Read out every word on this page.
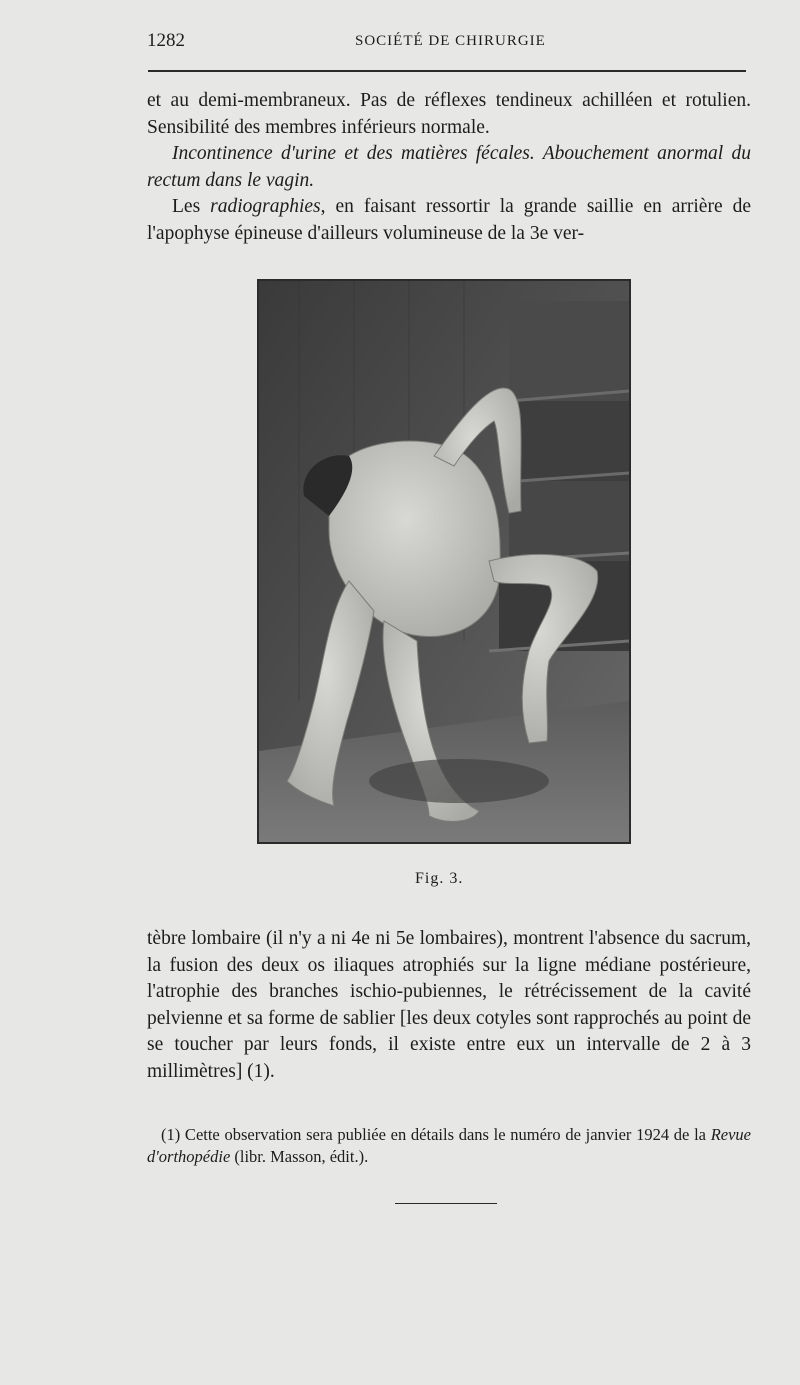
1282	SOCIÉTÉ DE CHIRURGIE

et au demi-membraneux. Pas de réflexes tendineux achilléen et rotulien. Sensibilité des membres inférieurs normale.

Incontinence d'urine et des matières fécales. Abouchement anormal du rectum dans le vagin.

Les radiographies, en faisant ressortir la grande saillie en arrière de l'apophyse épineuse d'ailleurs volumineuse de la 3e ver-

Fig. 3.

tèbre lombaire (il n'y a ni 4e ni 5e lombaires), montrent l'absence du sacrum, la fusion des deux os iliaques atrophiés sur la ligne médiane postérieure, l'atrophie des branches ischio-pubiennes, le rétrécissement de la cavité pelvienne et sa forme de sablier [les deux cotyles sont rapprochés au point de se toucher par leurs fonds, il existe entre eux un intervalle de 2 à 3 millimètres] (1).

(1) Cette observation sera publiée en détails dans le numéro de janvier 1924 de la Revue d'orthopédie (libr. Masson, édit.).
